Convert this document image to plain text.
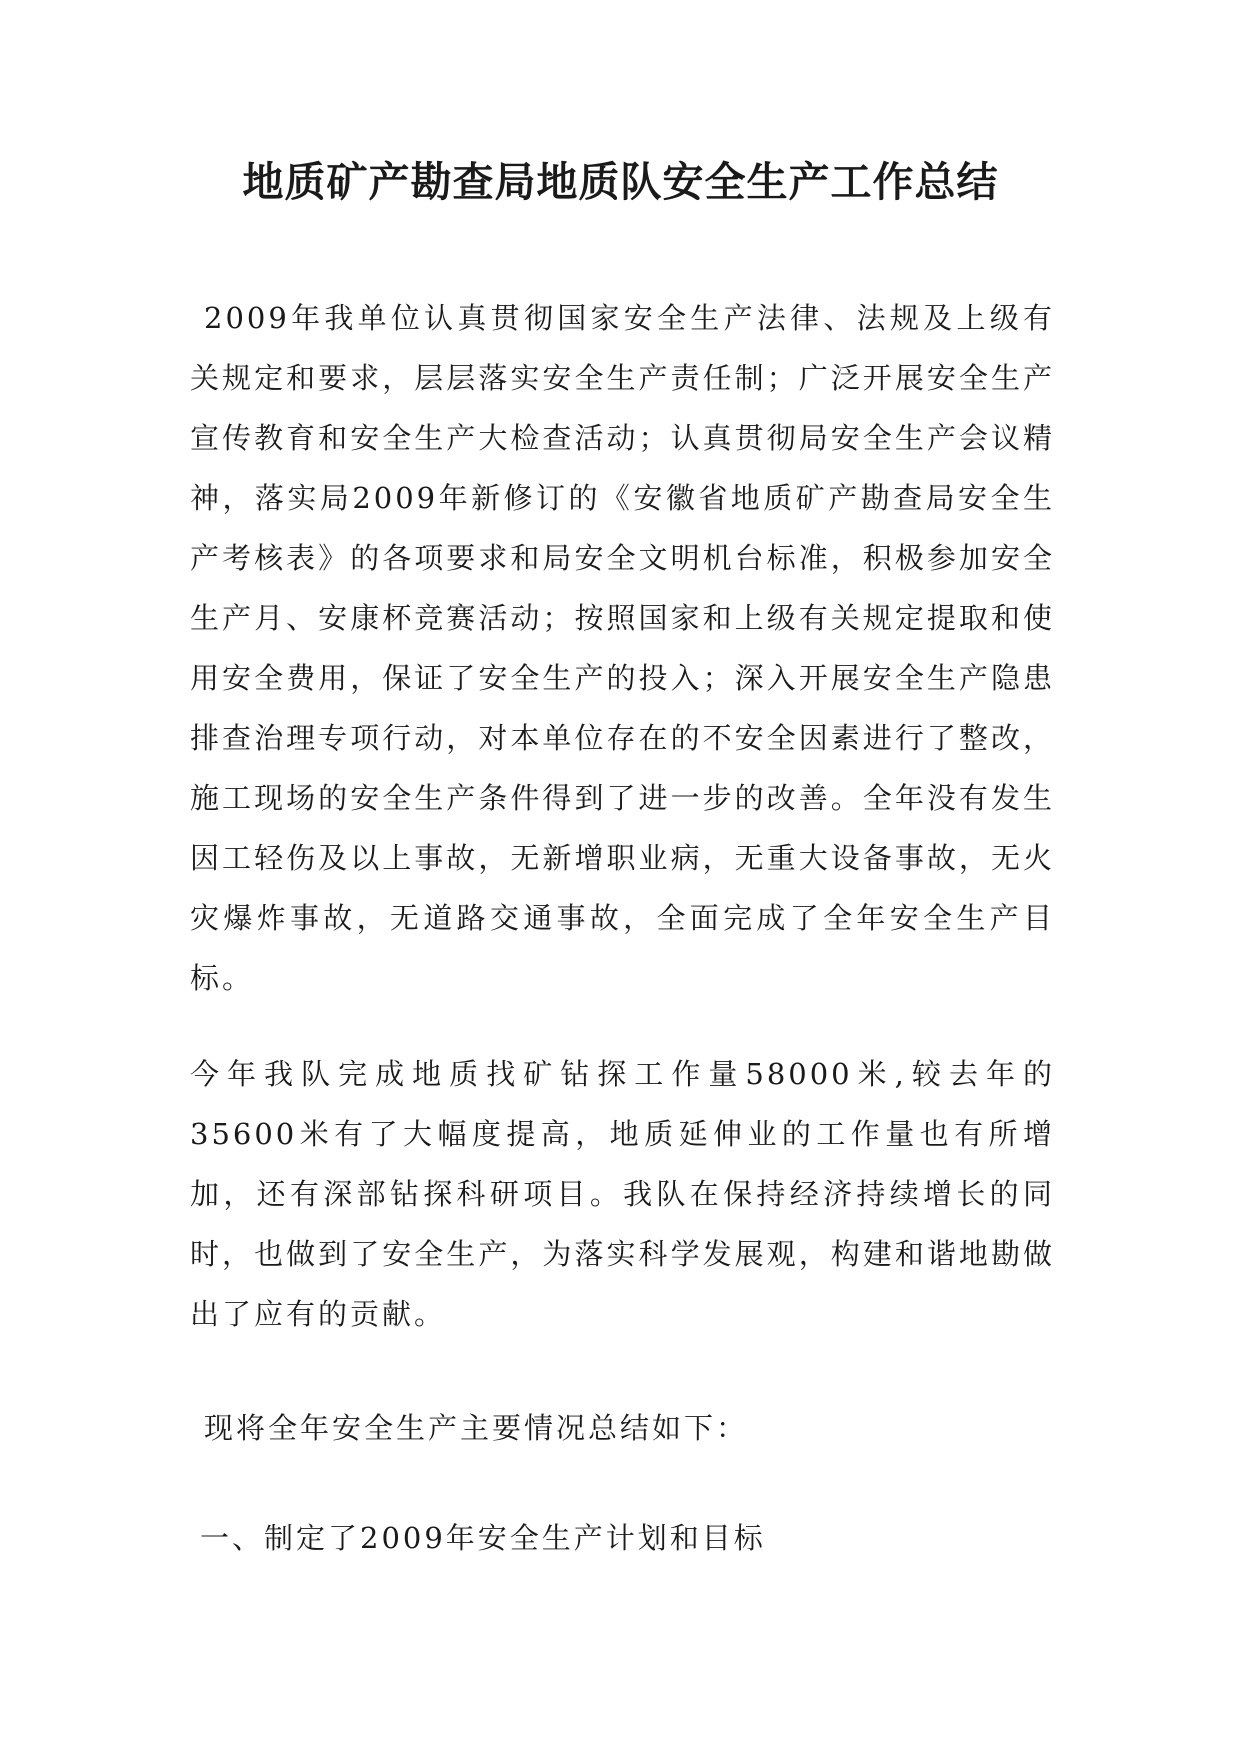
地质矿产勘查局地质队安全生产工作总结

2009年我单位认真贯彻国家安全生产法律、法规及上级有关规定和要求，层层落实安全生产责任制；广泛开展安全生产宣传教育和安全生产大检查活动；认真贯彻局安全生产会议精神，落实局2009年新修订的《安徽省地质矿产勘查局安全生产考核表》的各项要求和局安全文明机台标准，积极参加安全生产月、安康杯竞赛活动；按照国家和上级有关规定提取和使用安全费用，保证了安全生产的投入；深入开展安全生产隐患排查治理专项行动，对本单位存在的不安全因素进行了整改，施工现场的安全生产条件得到了进一步的改善。全年没有发生因工轻伤及以上事故，无新增职业病，无重大设备事故，无火灾爆炸事故，无道路交通事故，全面完成了全年安全生产目标。

今年我队完成地质找矿钻探工作量58000米,较去年的35600米有了大幅度提高，地质延伸业的工作量也有所增加，还有深部钻探科研项目。我队在保持经济持续增长的同时，也做到了安全生产，为落实科学发展观，构建和谐地勘做出了应有的贡献。

现将全年安全生产主要情况总结如下：

一、制定了2009年安全生产计划和目标
